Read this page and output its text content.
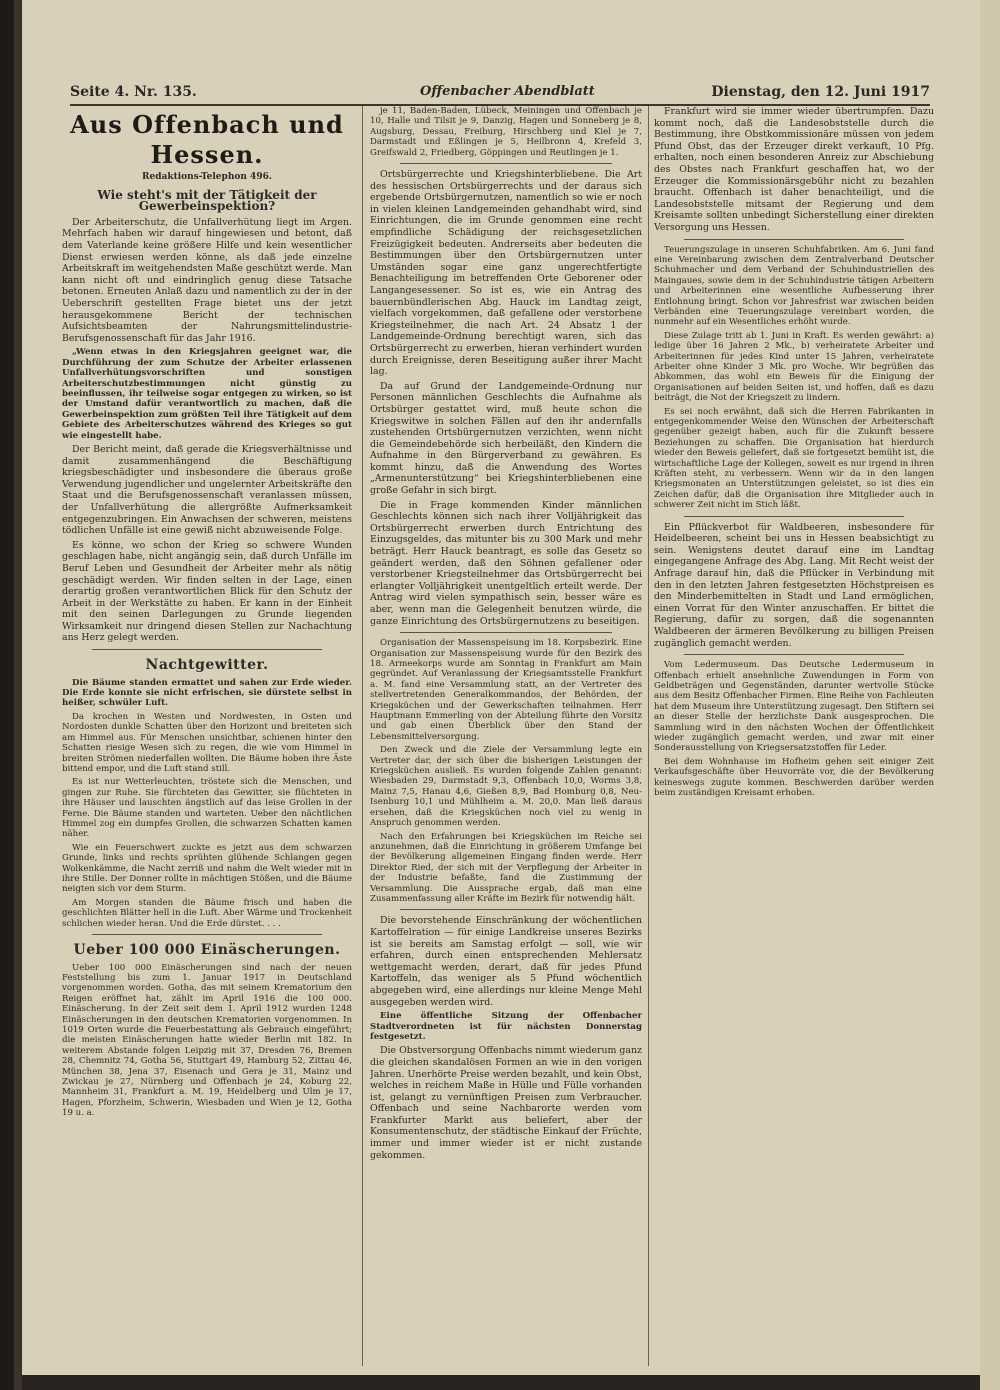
Seite 4. Nr. 135.	Offenbacher Abendblatt	Dienstag, den 12. Juni 1917
Aus Offenbach und Hessen.
Redaktions-Telephon 496.
Wie steht's mit der Tätigkeit der Gewerbeinspektion?

Der Arbeiterschutz, die Unfallverhütung liegt im Argen. Mehrfach haben wir darauf hingewiesen und betont, daß dem Vaterlande keine größere Hilfe und kein wesentlicher Dienst erwiesen werden könne, als daß jede einzelne Arbeitskraft im weitgehendsten Maße geschützt werde. Man kann nicht oft und eindringlich genug diese Tatsache betonen. Erneuten Anlaß dazu und namentlich zu der in der Ueberschrift gestellten Frage bietet uns der jetzt herausgekommene Bericht der technischen Aufsichtsbeamten der Nahrungsmittelindustrie-Berufsgenossenschaft für das Jahr 1916.

„Wenn etwas in den Kriegsjahren geeignet war, die Durchführung der zum Schutze der Arbeiter erlassenen Unfallverhütungsvorschriften und sonstigen Arbeiterschutzbestimmungen nicht günstig zu beeinflussen, ihr teilweise sogar entgegen zu wirken, so ist der Umstand dafür verantwortlich zu machen, daß die Gewerbeinspektion zum größten Teil ihre Tätigkeit auf dem Gebiete des Arbeiterschutzes während des Krieges so gut wie eingestellt habe.

Der Bericht meint, daß gerade die Kriegsverhältnisse und damit zusammenhängend die Beschäftigung kriegsbeschädigter und insbesondere die überaus große Verwendung jugendlicher und ungelernter Arbeitskräfte den Staat und die Berufsgenossenschaft veranlassen müssen, der Unfallverhütung die allergrößte Aufmerksamkeit entgegenzubringen. Ein Anwachsen der schweren, meistens tödlichen Unfälle ist eine gewiß nicht abzuweisende Folge.

Es könne, wo schon der Krieg so schwere Wunden geschlagen habe, nicht angängig sein, daß durch Unfälle im Beruf Leben und Gesundheit der Arbeiter mehr als nötig geschädigt werden. Wir finden selten in der Lage, einen derartig großen verantwortlichen Blick für den Schutz der Arbeit in der Werkstätte zu haben. Er kann in der Einheit mit den seinen Darlegungen zu Grunde liegenden Wirksamkeit nur dringend diesen Stellen zur Nachachtung ans Herz gelegt werden.

Nachtgewitter.

Die Bäume standen ermattet und sahen zur Erde wieder. Die Erde konnte sie nicht erfrischen, sie dürstete selbst in heißer, schwüler Luft.

Da krochen in Westen und Nordwesten, in Osten und Nordosten dunkle Schatten über den Horizont und breiteten sich am Himmel aus. Für Menschen unsichtbar, schienen hinter den Schatten riesige Wesen sich zu regen, die wie vom Himmel in breiten Strömen niederfallen wollten. Die Bäume hoben ihre Äste bittend empor, und die Luft stand still.

Es ist nur Wetterleuchten, tröstete sich die Menschen, und gingen zur Ruhe. Sie fürchteten das Gewitter, sie flüchteten in ihre Häuser und lauschten ängstlich auf das leise Grollen in der Ferne. Die Bäume standen und warteten. Ueber den nächtlichen Himmel zog ein dumpfes Grollen, die schwarzen Schatten kamen näher.

Wie ein Feuerschwert zuckte es jetzt aus dem schwarzen Grunde, links und rechts sprühten glühende Schlangen gegen Wolkenkämme, die Nacht zerriß und nahm die Welt wieder mit in ihre Stille. Der Donner rollte in mächtigen Stößen, und die Bäume neigten sich vor dem Sturm.

Am Morgen standen die Bäume frisch und haben die geschlichten Blätter hell in die Luft. Aber Wärme und Trockenheit schlichen wieder heran. Und die Erde dürstet. . . .

Ueber 100 000 Einäscherungen.

Ueber 100 000 Einäscherungen sind nach der neuen Feststellung bis zum 1. Januar 1917 in Deutschland vorgenommen worden. Gotha, das mit seinem Krematorium den Reigen eröffnet hat, zählt im April 1916 die 100 000. Einäscherung. In der Zeit seit dem 1. April 1912 wurden 1248 Einäscherungen in den deutschen Krematorien vorgenommen. In 1019 Orten wurde die Feuerbestattung als Gebrauch eingeführt; die meisten Einäscherungen hatte wieder Berlin mit 182. In weiterem Abstande folgen Leipzig mit 37, Dresden 76, Bremen 28, Chemnitz 74, Gotha 56, Stuttgart 49, Hamburg 52, Zittau 46, München 38, Jena 37, Eisenach und Gera je 31, Mainz und Zwickau je 27, Nürnberg und Offenbach je 24, Koburg 22, Mannheim 31, Frankfurt a. M. 19, Heidelberg und Ulm je 17, Hagen, Pforzheim, Schwerin, Wiesbaden und Wien je 12, Gotha 19 u. a.

je 11, Baden-Baden, Lübeck, Meiningen und Offenbach je 10, Halle und Tilsit je 9, Danzig, Hagen und Sonneberg je 8, Augsburg, Dessau, Freiburg, Hirschberg und Kiel je 7, Darmstadt und Eßlingen je 5, Heilbronn 4, Krefeld 3, Greifswald 2, Friedberg, Göppingen und Reutlingen je 1.

Ortsbürgerrechte und Kriegshinterbliebene. Die Art des hessischen Ortsbürgerrechts und der daraus sich ergebende Ortsbürgernutzen, namentlich so wie er noch in vielen kleinen Landgemeinden gehandhabt wird, sind Einrichtungen, die im Grunde genommen eine recht empfindliche Schädigung der reichsgesetzlichen Freizügigkeit bedeuten. Andrerseits aber bedeuten die Bestimmungen über den Ortsbürgernutzen unter Umständen sogar eine ganz ungerechtfertigte Benachteiligung im betreffenden Orte Geborener oder Langangesessener. So ist es, wie ein Antrag des bauernbündlerischen Abg. Hauck im Landtag zeigt, vielfach vorgekommen, daß gefallene oder verstorbene Kriegsteilnehmer, die nach Art. 24 Absatz 1 der Landgemeinde-Ordnung berechtigt waren, sich das Ortsbürgerrecht zu erwerben, hieran verhindert wurden durch Ereignisse, deren Beseitigung außer ihrer Macht lag.

Da auf Grund der Landgemeinde-Ordnung nur Personen männlichen Geschlechts die Aufnahme als Ortsbürger gestattet wird, muß heute schon die Kriegswitwe in solchen Fällen auf den ihr andernfalls zustehenden Ortsbürgernutzen verzichten, wenn nicht die Gemeindebehörde sich herbeiläßt, den Kindern die Aufnahme in den Bürgerverband zu gewähren. Es kommt hinzu, daß die Anwendung des Wortes „Armenunterstützung“ bei Kriegshinterbliebenen eine große Gefahr in sich birgt.

Die in Frage kommenden Kinder männlichen Geschlechts können sich nach ihrer Volljährigkeit das Ortsbürgerrecht erwerben durch Entrichtung des Einzugsgeldes, das mitunter bis zu 300 Mark und mehr beträgt. Herr Hauck beantragt, es solle das Gesetz so geändert werden, daß den Söhnen gefallener oder verstorbener Kriegsteilnehmer das Ortsbürgerrecht bei erlangter Volljährigkeit unentgeltlich erteilt werde. Der Antrag wird vielen sympathisch sein, besser wäre es aber, wenn man die Gelegenheit benutzen würde, die ganze Einrichtung des Ortsbürgernutzens zu beseitigen.

Organisation der Massenspeisung im 18. Korpsbezirk. Eine Organisation zur Massenspeisung wurde für den Bezirk des 18. Armeekorps wurde am Sonntag in Frankfurt am Main gegründet. Auf Veranlassung der Kriegsamtsstelle Frankfurt a. M. fand eine Versammlung statt, an der Vertreter des stellvertretenden Generalkommandos, der Behörden, der Kriegsküchen und der Gewerkschaften teilnahmen. Herr Hauptmann Emmerling von der Abteilung führte den Vorsitz und gab einen Überblick über den Stand der Lebensmittelversorgung.

Den Zweck und die Ziele der Versammlung legte ein Vertreter dar, der sich über die bisherigen Leistungen der Kriegsküchen ausließ. Es wurden folgende Zahlen genannt: Wiesbaden 29, Darmstadt 9,3, Offenbach 10,0, Worms 3,8, Mainz 7,5, Hanau 4,6, Gießen 8,9, Bad Homburg 0,8, Neu-Isenburg 10,1 und Mühlheim a. M. 20,0. Man ließ daraus ersehen, daß die Kriegsküchen noch viel zu wenig in Anspruch genommen werden.

Nach den Erfahrungen bei Kriegsküchen im Reiche sei anzunehmen, daß die Einrichtung in größerem Umfange bei der Bevölkerung allgemeinen Eingang finden werde. Herr Direktor Ried, der sich mit der Verpflegung der Arbeiter in der Industrie befaßte, fand die Zustimmung der Versammlung. Die Aussprache ergab, daß man eine Zusammenfassung aller Kräfte im Bezirk für notwendig hält.

Die bevorstehende Einschränkung der wöchentlichen Kartoffelration — für einige Landkreise unseres Bezirks ist sie bereits am Samstag erfolgt — soll, wie wir erfahren, durch einen entsprechenden Mehlersatz wettgemacht werden, derart, daß für jedes Pfund Kartoffeln, das weniger als 5 Pfund wöchentlich abgegeben wird, eine allerdings nur kleine Menge Mehl ausgegeben werden wird.

Eine öffentliche Sitzung der Offenbacher Stadtverordneten ist für nächsten Donnerstag festgesetzt.

Die Obstversorgung Offenbachs nimmt wiederum ganz die gleichen skandalösen Formen an wie in den vorigen Jahren. Unerhörte Preise werden bezahlt, und kein Obst, welches in reichem Maße in Hülle und Fülle vorhanden ist, gelangt zu vernünftigen Preisen zum Verbraucher. Offenbach und seine Nachbarorte werden vom Frankfurter Markt aus beliefert, aber der Konsumentenschutz, der städtische Einkauf der Früchte, immer und immer wieder ist er nicht zustande gekommen.

Frankfurt wird sie immer wieder übertrumpfen. Dazu kommt noch, daß die Landesobststelle durch die Bestimmung, ihre Obstkommissionäre müssen von jedem Pfund Obst, das der Erzeuger direkt verkauft, 10 Pfg. erhalten, noch einen besonderen Anreiz zur Abschiebung des Obstes nach Frankfurt geschaffen hat, wo der Erzeuger die Kommissionärsgebühr nicht zu bezahlen braucht. Offenbach ist daher benachteiligt, und die Landesobststelle mitsamt der Regierung und dem Kreisamte sollten unbedingt Sicherstellung einer direkten Versorgung uns Hessen.

Teuerungszulage in unseren Schuhfabriken. Am 6. Juni fand eine Vereinbarung zwischen dem Zentralverband Deutscher Schuhmacher und dem Verband der Schuhindustriellen des Maingaues, sowie dem in der Schuhindustrie tätigen Arbeitern und Arbeiterinnen eine wesentliche Aufbesserung ihrer Entlohnung bringt. Schon vor Jahresfrist war zwischen beiden Verbänden eine Teuerungszulage vereinbart worden, die nunmehr auf ein Wesentliches erhöht wurde.

Diese Zulage tritt ab 1. Juni in Kraft. Es werden gewährt: a) ledige über 16 Jahren 2 Mk., b) verheiratete Arbeiter und Arbeiterinnen für jedes Kind unter 15 Jahren, verheiratete Arbeiter ohne Kinder 3 Mk. pro Woche. Wir begrüßen das Abkommen, das wohl ein Beweis für die Einigung der Organisationen auf beiden Seiten ist, und hoffen, daß es dazu beiträgt, die Not der Kriegszeit zu lindern.

Es sei noch erwähnt, daß sich die Herren Fabrikanten in entgegenkommender Weise den Wünschen der Arbeiterschaft gegenüber gezeigt haben, auch für die Zukunft bessere Beziehungen zu schaffen. Die Organisation hat hierdurch wieder den Beweis geliefert, daß sie fortgesetzt bemüht ist, die wirtschaftliche Lage der Kollegen, soweit es nur irgend in ihren Kräften steht, zu verbessern. Wenn wir da in den langen Kriegsmonaten an Unterstützungen geleistet, so ist dies ein Zeichen dafür, daß die Organisation ihre Mitglieder auch in schwerer Zeit nicht im Stich läßt.

Ein Pflückverbot für Waldbeeren, insbesondere für Heidelbeeren, scheint bei uns in Hessen beabsichtigt zu sein. Wenigstens deutet darauf eine im Landtag eingegangene Anfrage des Abg. Lang. Mit Recht weist der Anfrage darauf hin, daß die Pflücker in Verbindung mit den in den letzten Jahren festgesetzten Höchstpreisen es den Minderbemittelten in Stadt und Land ermöglichen, einen Vorrat für den Winter anzuschaffen. Er bittet die Regierung, dafür zu sorgen, daß die sogenannten Waldbeeren der ärmeren Bevölkerung zu billigen Preisen zugänglich gemacht werden.

Vom Ledermuseum. Das Deutsche Ledermuseum in Offenbach erhielt ansehnliche Zuwendungen in Form von Geldbeträgen und Gegenständen, darunter wertvolle Stücke aus dem Besitz Offenbacher Firmen. Eine Reihe von Fachleuten hat dem Museum ihre Unterstützung zugesagt. Den Stiftern sei an dieser Stelle der herzlichste Dank ausgesprochen. Die Sammlung wird in den nächsten Wochen der Öffentlichkeit wieder zugänglich gemacht werden, und zwar mit einer Sonderausstellung von Kriegsersatzstoffen für Leder.

Bei dem Wohnhause im Hofheim gehen seit einiger Zeit Verkaufsgeschäfte über Heuvorräte vor, die der Bevölkerung keineswegs zugute kommen. Beschwerden darüber werden beim zuständigen Kreisamt erhoben.
